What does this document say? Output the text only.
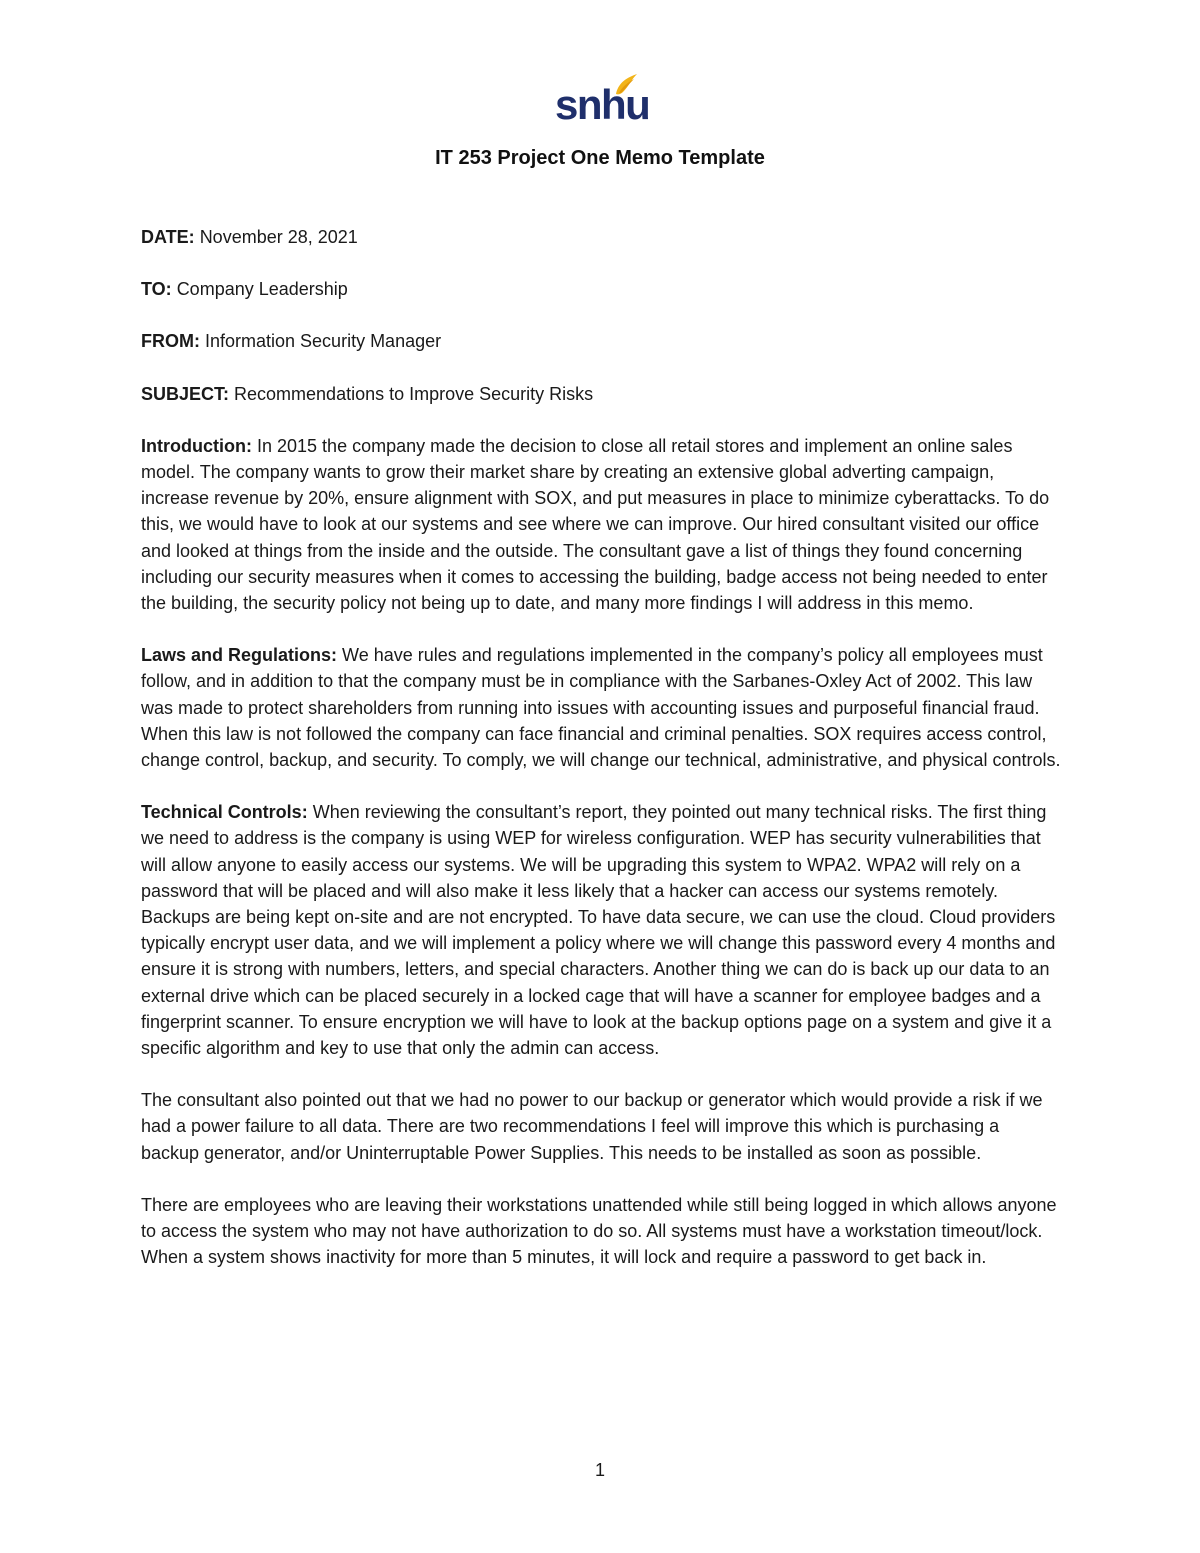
snhu
IT 253 Project One Memo Template
DATE: November 28, 2021
TO: Company Leadership
FROM: Information Security Manager
SUBJECT: Recommendations to Improve Security Risks

Introduction: In 2015 the company made the decision to close all retail stores and implement an online sales model. The company wants to grow their market share by creating an extensive global adverting campaign, increase revenue by 20%, ensure alignment with SOX, and put measures in place to minimize cyberattacks. To do this, we would have to look at our systems and see where we can improve. Our hired consultant visited our office and looked at things from the inside and the outside. The consultant gave a list of things they found concerning including our security measures when it comes to accessing the building, badge access not being needed to enter the building, the security policy not being up to date, and many more findings I will address in this memo.

Laws and Regulations: We have rules and regulations implemented in the company’s policy all employees must follow, and in addition to that the company must be in compliance with the Sarbanes-Oxley Act of 2002. This law was made to protect shareholders from running into issues with accounting issues and purposeful financial fraud. When this law is not followed the company can face financial and criminal penalties. SOX requires access control, change control, backup, and security. To comply, we will change our technical, administrative, and physical controls.

Technical Controls: When reviewing the consultant’s report, they pointed out many technical risks. The first thing we need to address is the company is using WEP for wireless configuration. WEP has security vulnerabilities that will allow anyone to easily access our systems. We will be upgrading this system to WPA2. WPA2 will rely on a password that will be placed and will also make it less likely that a hacker can access our systems remotely. Backups are being kept on-site and are not encrypted. To have data secure, we can use the cloud. Cloud providers typically encrypt user data, and we will implement a policy where we will change this password every 4 months and ensure it is strong with numbers, letters, and special characters. Another thing we can do is back up our data to an external drive which can be placed securely in a locked cage that will have a scanner for employee badges and a fingerprint scanner. To ensure encryption we will have to look at the backup options page on a system and give it a specific algorithm and key to use that only the admin can access.

The consultant also pointed out that we had no power to our backup or generator which would provide a risk if we had a power failure to all data. There are two recommendations I feel will improve this which is purchasing a backup generator, and/or Uninterruptable Power Supplies. This needs to be installed as soon as possible.

There are employees who are leaving their workstations unattended while still being logged in which allows anyone to access the system who may not have authorization to do so. All systems must have a workstation timeout/lock. When a system shows inactivity for more than 5 minutes, it will lock and require a password to get back in.

1
